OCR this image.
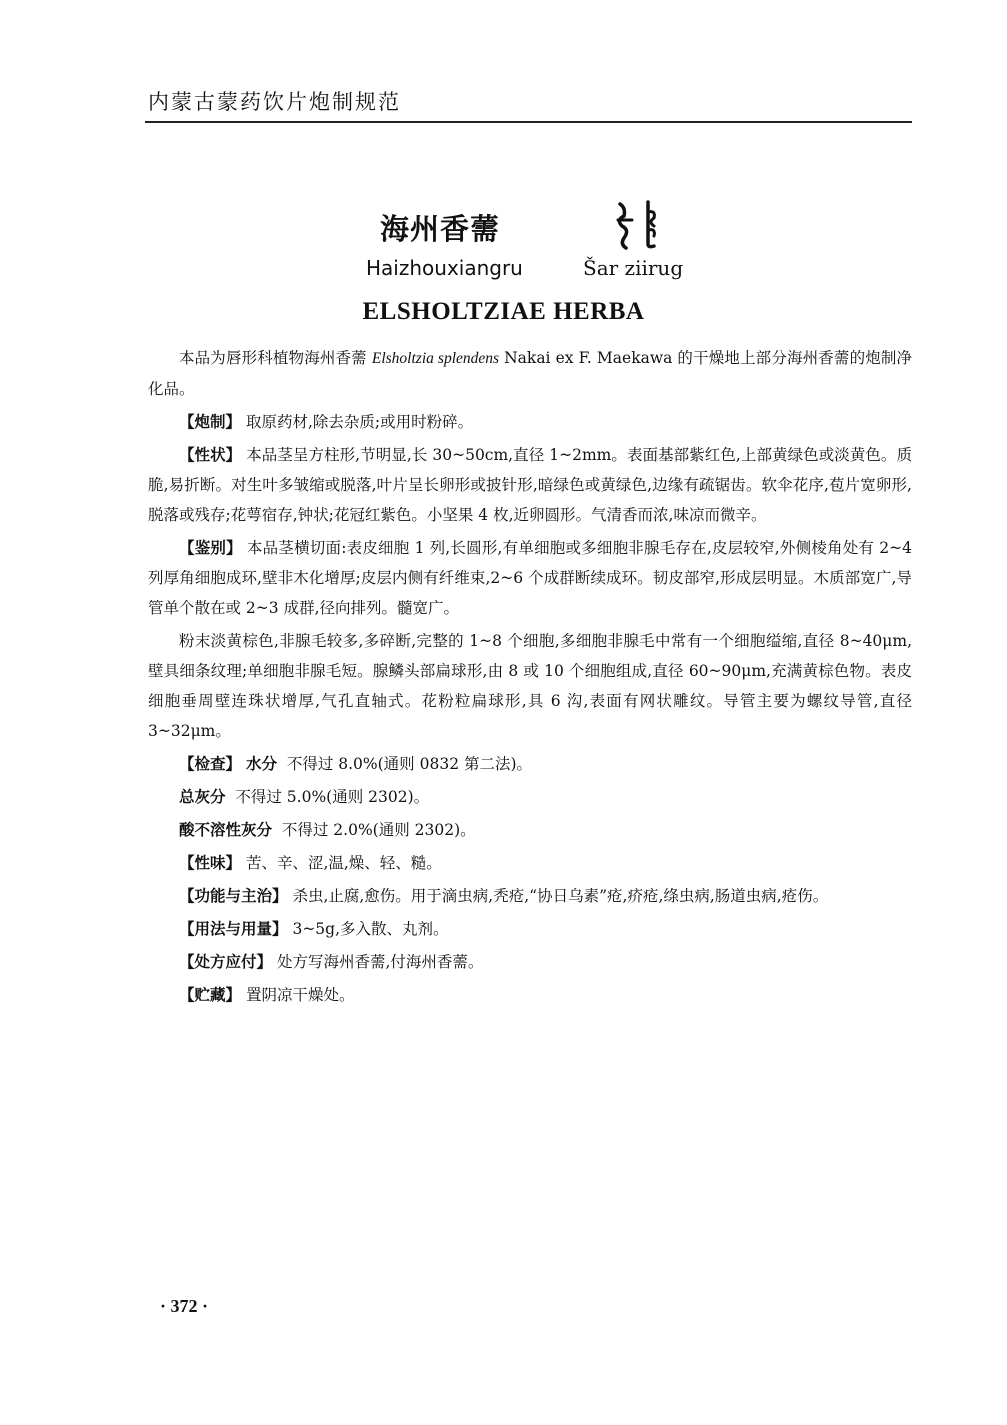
内蒙古蒙药饮片炮制规范
海州香薷
Haizhouxiangru	Šar ziirug
ELSHOLTZIAE HERBA

本品为唇形科植物海州香薷 Elsholtzia splendens Nakai ex F. Maekawa 的干燥地上部分海州香薷的炮制净化品。

【炮制】 取原药材,除去杂质;或用时粉碎。

【性状】 本品茎呈方柱形,节明显,长 30~50cm,直径 1~2mm。表面基部紫红色,上部黄绿色或淡黄色。质脆,易折断。对生叶多皱缩或脱落,叶片呈长卵形或披针形,暗绿色或黄绿色,边缘有疏锯齿。软伞花序,苞片宽卵形,脱落或残存;花萼宿存,钟状;花冠红紫色。小坚果 4 枚,近卵圆形。气清香而浓,味凉而微辛。

【鉴别】 本品茎横切面:表皮细胞 1 列,长圆形,有单细胞或多细胞非腺毛存在,皮层较窄,外侧棱角处有 2~4 列厚角细胞成环,壁非木化增厚;皮层内侧有纤维束,2~6 个成群断续成环。韧皮部窄,形成层明显。木质部宽广,导管单个散在或 2~3 成群,径向排列。髓宽广。

粉末淡黄棕色,非腺毛较多,多碎断,完整的 1~8 个细胞,多细胞非腺毛中常有一个细胞缢缩,直径 8~40μm,壁具细条纹理;单细胞非腺毛短。腺鳞头部扁球形,由 8 或 10 个细胞组成,直径 60~90μm,充满黄棕色物。表皮细胞垂周壁连珠状增厚,气孔直轴式。花粉粒扁球形,具 6 沟,表面有网状雕纹。导管主要为螺纹导管,直径 3~32μm。

【检查】 水分 不得过 8.0%(通则 0832 第二法)。

总灰分 不得过 5.0%(通则 2302)。

酸不溶性灰分 不得过 2.0%(通则 2302)。

【性味】 苦、辛、涩,温,燥、轻、糙。

【功能与主治】 杀虫,止腐,愈伤。用于滴虫病,秃疮,“协日乌素”疮,疥疮,绦虫病,肠道虫病,疮伤。

【用法与用量】 3~5g,多入散、丸剂。

【处方应付】 处方写海州香薷,付海州香薷。

【贮藏】 置阴凉干燥处。

· 372 ·
